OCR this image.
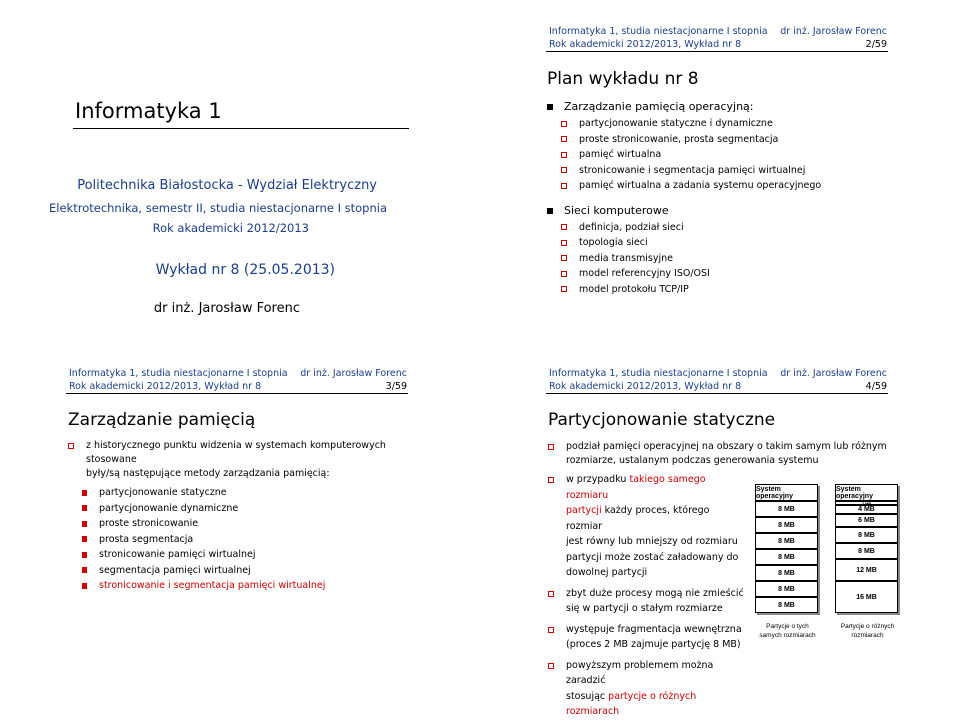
Informatyka 1
Politechnika Białostocka - Wydział Elektryczny
Elektrotechnika, semestr II, studia niestacjonarne I stopnia
Rok akademicki 2012/2013
Wykład nr 8 (25.05.2013)
dr inż. Jarosław Forenc
Informatyka 1, studia niestacjonarne I stopnia
Rok akademicki 2012/2013, Wykład nr 8
dr inż. Jarosław Forenc
2/59
Plan wykładu nr 8
Zarządzanie pamięcią operacyjną:
partycjonowanie statyczne i dynamiczne
proste stronicowanie, prosta segmentacja
pamięć wirtualna
stronicowanie i segmentacja pamięci wirtualnej
pamięć wirtualna a zadania systemu operacyjnego
Sieci komputerowe
definicja, podział sieci
topologia sieci
media transmisyjne
model referencyjny ISO/OSI
model protokołu TCP/IP
Informatyka 1, studia niestacjonarne I stopnia
Rok akademicki 2012/2013, Wykład nr 8
dr inż. Jarosław Forenc
3/59
Zarządzanie pamięcią
z historycznego punktu widzenia w systemach komputerowych stosowane
były/są następujące metody zarządzania pamięcią:
partycjonowanie statyczne
partycjonowanie dynamiczne
proste stronicowanie
prosta segmentacja
stronicowanie pamięci wirtualnej
segmentacja pamięci wirtualnej
stronicowanie i segmentacja pamięci wirtualnej
Informatyka 1, studia niestacjonarne I stopnia
Rok akademicki 2012/2013, Wykład nr 8
dr inż. Jarosław Forenc
4/59
Partycjonowanie statyczne
podział pamięci operacyjnej na obszary o takim samym lub różnym
rozmiarze, ustalanym podczas generowania systemu
w przypadku takiego samego rozmiaru
partycji każdy proces, którego rozmiar
jest równy lub mniejszy od rozmiaru
partycji może zostać załadowany do
dowolnej partycji
zbyt duże procesy mogą nie zmieścić
się w partycji o stałym rozmiarze
występuje fragmentacja wewnętrzna
(proces 2 MB zajmuje partycję 8 MB)
powyższym problemem można zaradzić
stosując partycje o różnych rozmiarach
System operacyjny
8 MB
8 MB
8 MB
8 MB
8 MB
8 MB
8 MB
Partycje o tych
samych rozmiarach
System operacyjny
2 MB
4 MB
6 MB
8 MB
8 MB
12 MB
16 MB
Partycje o różnych
rozmiarach
